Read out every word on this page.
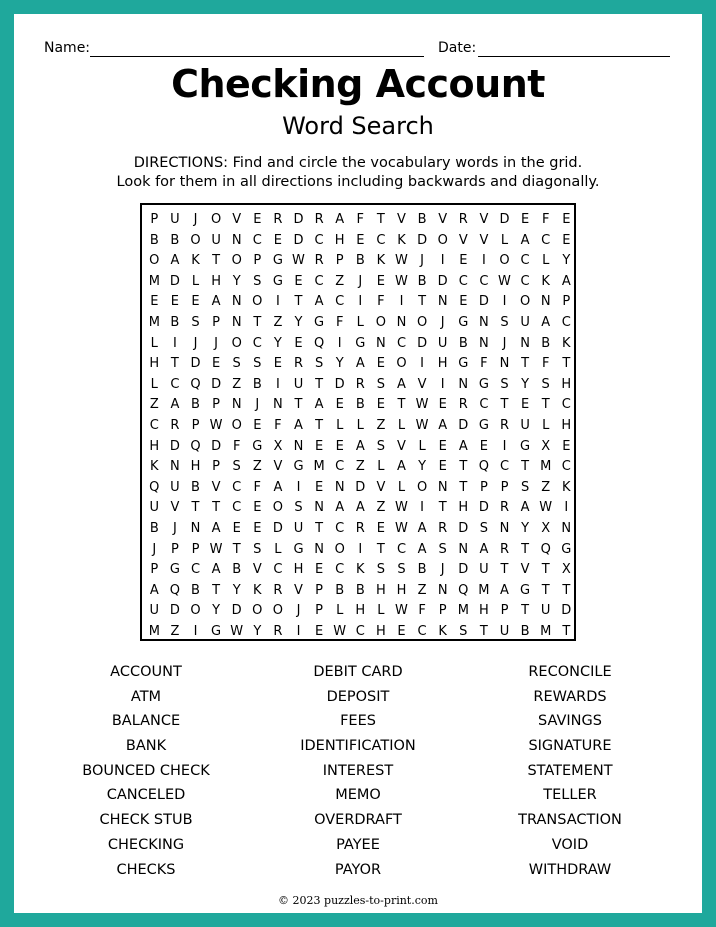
Name:	Date:
Checking Account
Word Search
DIRECTIONS: Find and circle the vocabulary words in the grid.
Look for them in all directions including backwards and diagonally.
P U	J	O V E R D R A F T V B V R V D E F E
B B O U N C E D C H E C K D O V V L A C E
O A K T O P G W R P B K W J	I	E	I	O C L	Y
M D L H Y S G E C Z	J	E W B D C C W C K A
E E E A N O	I	T A C	I	F	I	T N E D	I	O N P
M B S P N T Z Y G F	L O N O	J	G N S U A C
L	I	J	J	O C Y E Q	I	G N C D U B N	J	N B K
H T D E S S E R S Y A E O	I	H G F N T F T
L C Q D Z B	I	U T D R S A V	I	N G S Y S H
Z A B P N	J	N T A E B E T W E R C T E T C
C R P W O E F A T	L	L Z L W A D G R U L H
H D Q D F G X N E E A S V L E A E	I	G X E
K N H P S Z V G M C Z L A Y E T Q C T M C
Q U B V C F A	I	E N D V L O N T P P S Z K
U V T T C E O S N A A Z W I	T H D R A W I
B	J	N A E E D U T C R E W A R D S N Y X N
J	P P W T S L G N O	I	T C A S N A R T Q G
P G C A B V C H E C K S S B	J	D U T V T X
A Q B T Y K R V P B B H H Z N Q M A G T T
U D O Y D O O	J	P	L H L W F P M H P T U D
M Z	I	G W Y R	I	E W C H E C K S T U B M T
ACCOUNT
ATM
BALANCE
BANK
BOUNCED CHECK
CANCELED
CHECK STUB
CHECKING
CHECKS
DEBIT CARD
DEPOSIT
FEES
IDENTIFICATION
INTEREST
MEMO
OVERDRAFT
PAYEE
PAYOR
RECONCILE
REWARDS
SAVINGS
SIGNATURE
STATEMENT
TELLER
TRANSACTION
VOID
WITHDRAW
© 2023 puzzles-to-print.com
